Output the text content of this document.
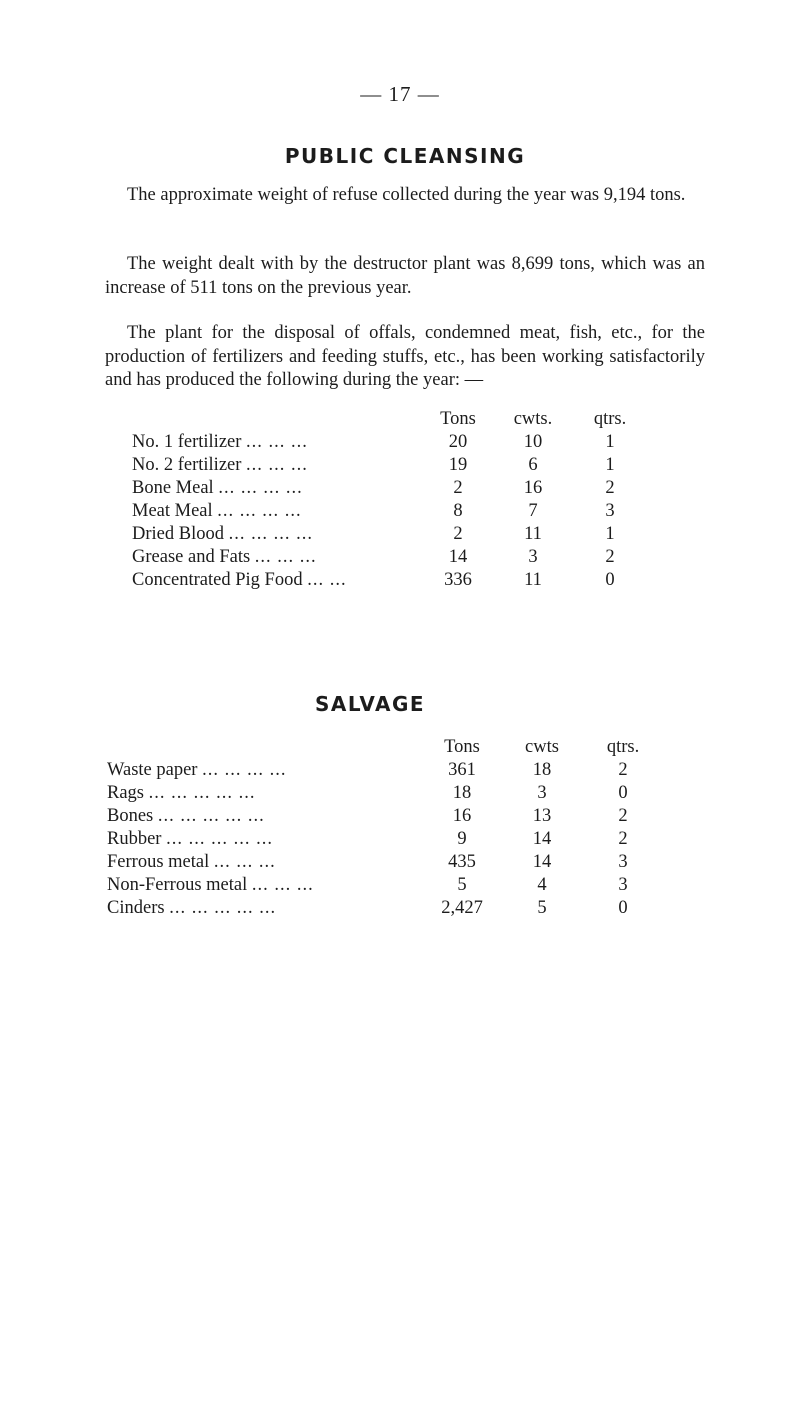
— 17 —
PUBLIC CLEANSING

The approximate weight of refuse collected during the year was 9,194 tons.

The weight dealt with by the destructor plant was 8,699 tons, which was an increase of 511 tons on the previous year.

The plant for the disposal of offals, condemned meat, fish, etc., for the production of fertilizers and feeding stuffs, etc., has been working satisfactorily and has produced the following during the year: —

Tons	cwts.	qtrs.
No. 1 fertilizer ... ... ...	20	10	1
No. 2 fertilizer ... ... ...	19	6	1
Bone Meal ... ... ... ...	2	16	2
Meat Meal ... ... ... ...	8	7	3
Dried Blood ... ... ... ...	2	11	1
Grease and Fats ... ... ...	14	3	2
Concentrated Pig Food ... ...	336	11	0
SALVAGE
Tons	cwts	qtrs.
Waste paper ... ... ... ...	361	18	2
Rags ... ... ... ... ...	18	3	0
Bones ... ... ... ... ...	16	13	2
Rubber ... ... ... ... ...	9	14	2
Ferrous metal ... ... ...	435	14	3
Non-Ferrous metal ... ... ...	5	4	3
Cinders ... ... ... ... ...	2,427	5	0
